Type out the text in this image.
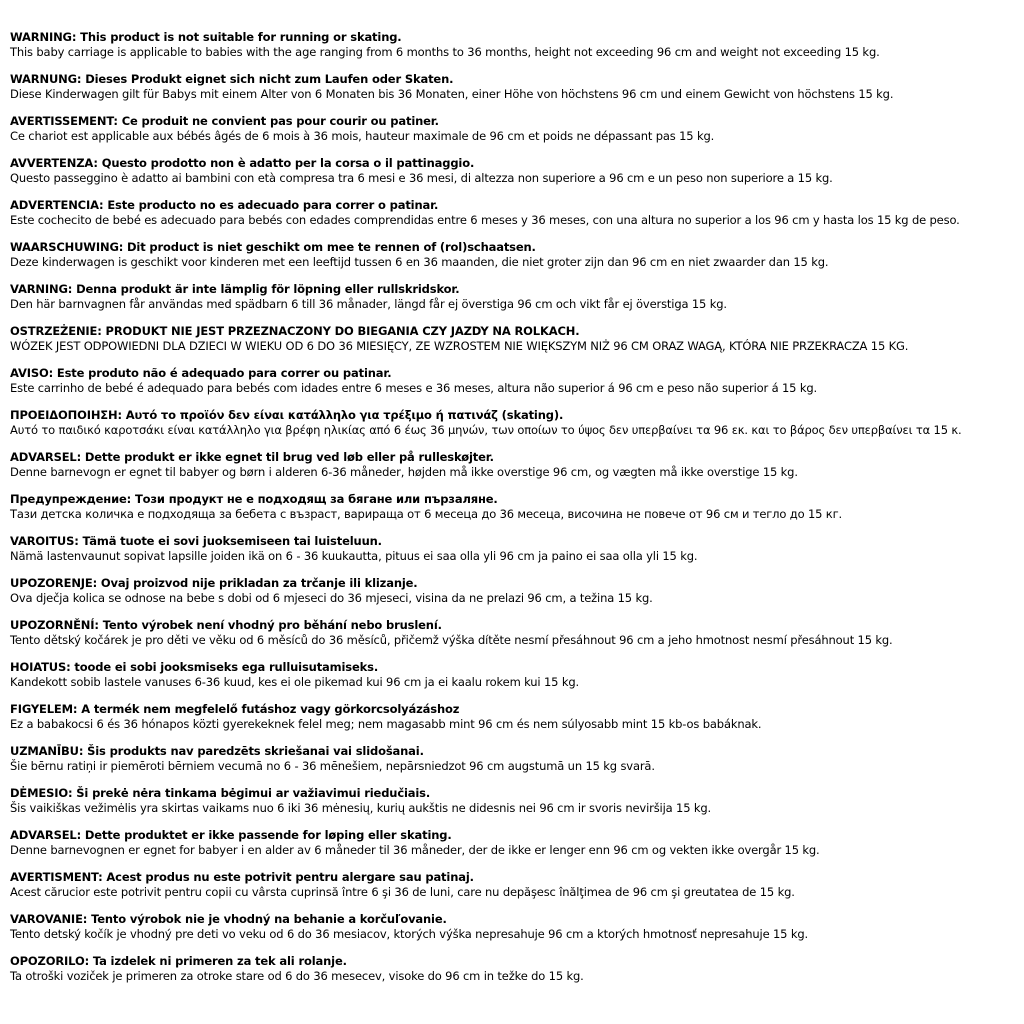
WARNING: This product is not suitable for running or skating.
This baby carriage is applicable to babies with the age ranging from 6 months to 36 months, height not exceeding 96 cm and weight not exceeding 15 kg.
WARNUNG: Dieses Produkt eignet sich nicht zum Laufen oder Skaten.
Diese Kinderwagen gilt für Babys mit einem Alter von 6 Monaten bis 36 Monaten, einer Höhe von höchstens 96 cm und einem Gewicht von höchstens 15 kg.
AVERTISSEMENT: Ce produit ne convient pas pour courir ou patiner.
Ce chariot est applicable aux bébés âgés de 6 mois à 36 mois, hauteur maximale de 96 cm et poids ne dépassant pas 15 kg.
AVVERTENZA: Questo prodotto non è adatto per la corsa o il pattinaggio.
Questo passeggino è adatto ai bambini con età compresa tra 6 mesi e 36 mesi, di altezza non superiore a 96 cm e un peso non superiore a 15 kg.
ADVERTENCIA: Este producto no es adecuado para correr o patinar.
Este cochecito de bebé es adecuado para bebés con edades comprendidas entre 6 meses y 36 meses, con una altura no superior a los 96 cm y hasta los 15 kg de peso.
WAARSCHUWING: Dit product is niet geschikt om mee te rennen of (rol)schaatsen.
Deze kinderwagen is geschikt voor kinderen met een leeftijd tussen 6 en 36 maanden, die niet groter zijn dan 96 cm en niet zwaarder dan 15 kg.
VARNING: Denna produkt är inte lämplig för löpning eller rullskridskor.
Den här barnvagnen får användas med spädbarn 6 till 36 månader, längd får ej överstiga 96 cm och vikt får ej överstiga 15 kg.
OSTRZEŻENIE: PRODUKT NIE JEST PRZEZNACZONY DO BIEGANIA CZY JAZDY NA ROLKACH.
WÓZEK JEST ODPOWIEDNI DLA DZIECI W WIEKU OD 6 DO 36 MIESIĘCY, ZE WZROSTEM NIE WIĘKSZYM NIŻ 96 CM ORAZ WAGĄ, KTÓRA NIE PRZEKRACZA 15 KG.
AVISO: Este produto não é adequado para correr ou patinar.
Este carrinho de bebé é adequado para bebés com idades entre 6 meses e 36 meses, altura não superior á 96 cm e peso não superior á 15 kg.
ΠΡΟΕΙΔΟΠΟΙΗΣΗ: Αυτό το προϊόν δεν είναι κατάλληλο για τρέξιμο ή πατινάζ (skating).
Αυτό το παιδικό καροτσάκι είναι κατάλληλο για βρέφη ηλικίας από 6 έως 36 μηνών, των οποίων το ύψος δεν υπερβαίνει τα 96 εκ. και το βάρος δεν υπερβαίνει τα 15 κ.
ADVARSEL: Dette produkt er ikke egnet til brug ved løb eller på rulleskøjter.
Denne barnevogn er egnet til babyer og børn i alderen 6-36 måneder, højden må ikke overstige 96 cm, og vægten må ikke overstige 15 kg.
Предупреждение: Този продукт не е подходящ за бягане или пързаляне.
Тази детска количка е подходяща за бебета с възраст, варираща от 6 месеца до 36 месеца, височина не повече от 96 см и тегло до 15 кг.
VAROITUS: Tämä tuote ei sovi juoksemiseen tai luisteluun.
Nämä lastenvaunut sopivat lapsille joiden ikä on 6 - 36 kuukautta, pituus ei saa olla yli 96 cm ja paino ei saa olla yli 15 kg.
UPOZORENJE: Ovaj proizvod nije prikladan za trčanje ili klizanje.
Ova dječja kolica se odnose na bebe s dobi od 6 mjeseci do 36 mjeseci, visina da ne prelazi 96 cm, a težina 15 kg.
UPOZORNĚNÍ: Tento výrobek není vhodný pro běhání nebo bruslení.
Tento dětský kočárek je pro děti ve věku od 6 měsíců do 36 měsíců, přičemž výška dítěte nesmí přesáhnout 96 cm a jeho hmotnost nesmí přesáhnout 15 kg.
HOIATUS: toode ei sobi jooksmiseks ega rulluisutamiseks.
Kandekott sobib lastele vanuses 6-36 kuud, kes ei ole pikemad kui 96 cm ja ei kaalu rokem kui 15 kg.
FIGYELEM: A termék nem megfelelő futáshoz vagy görkorcsolyázáshoz
Ez a babakocsi 6 és 36 hónapos közti gyerekeknek felel meg; nem magasabb mint 96 cm és nem súlyosabb mint 15 kb-os babáknak.
UZMANĪBU: Šis produkts nav paredzēts skriešanai vai slidošanai.
Šie bērnu ratiņi ir piemēroti bērniem vecumā no 6 - 36 mēnešiem, nepārsniedzot 96 cm augstumā un 15 kg svarā.
DĖMESIO: Ši prekė nėra tinkama bėgimui ar važiavimui riedučiais.
Šis vaikiškas vežimėlis yra skirtas vaikams nuo 6 iki 36 mėnesių, kurių aukštis ne didesnis nei 96 cm ir svoris neviršija 15 kg.
ADVARSEL: Dette produktet er ikke passende for løping eller skating.
Denne barnevognen er egnet for babyer i en alder av 6 måneder til 36 måneder, der de ikke er lenger enn 96 cm og vekten ikke overgår 15 kg.
AVERTISMENT: Acest produs nu este potrivit pentru alergare sau patinaj.
Acest cărucior este potrivit pentru copii cu vârsta cuprinsă între 6 şi 36 de luni, care nu depăşesc înălţimea de 96 cm şi greutatea de 15 kg.
VAROVANIE: Tento výrobok nie je vhodný na behanie a korčuľovanie.
Tento detský kočík je vhodný pre deti vo veku od 6 do 36 mesiacov, ktorých výška nepresahuje 96 cm a ktorých hmotnosť nepresahuje 15 kg.
OPOZORILO: Ta izdelek ni primeren za tek ali rolanje.
Ta otroški voziček je primeren za otroke stare od 6 do 36 mesecev, visoke do 96 cm in težke do 15 kg.
